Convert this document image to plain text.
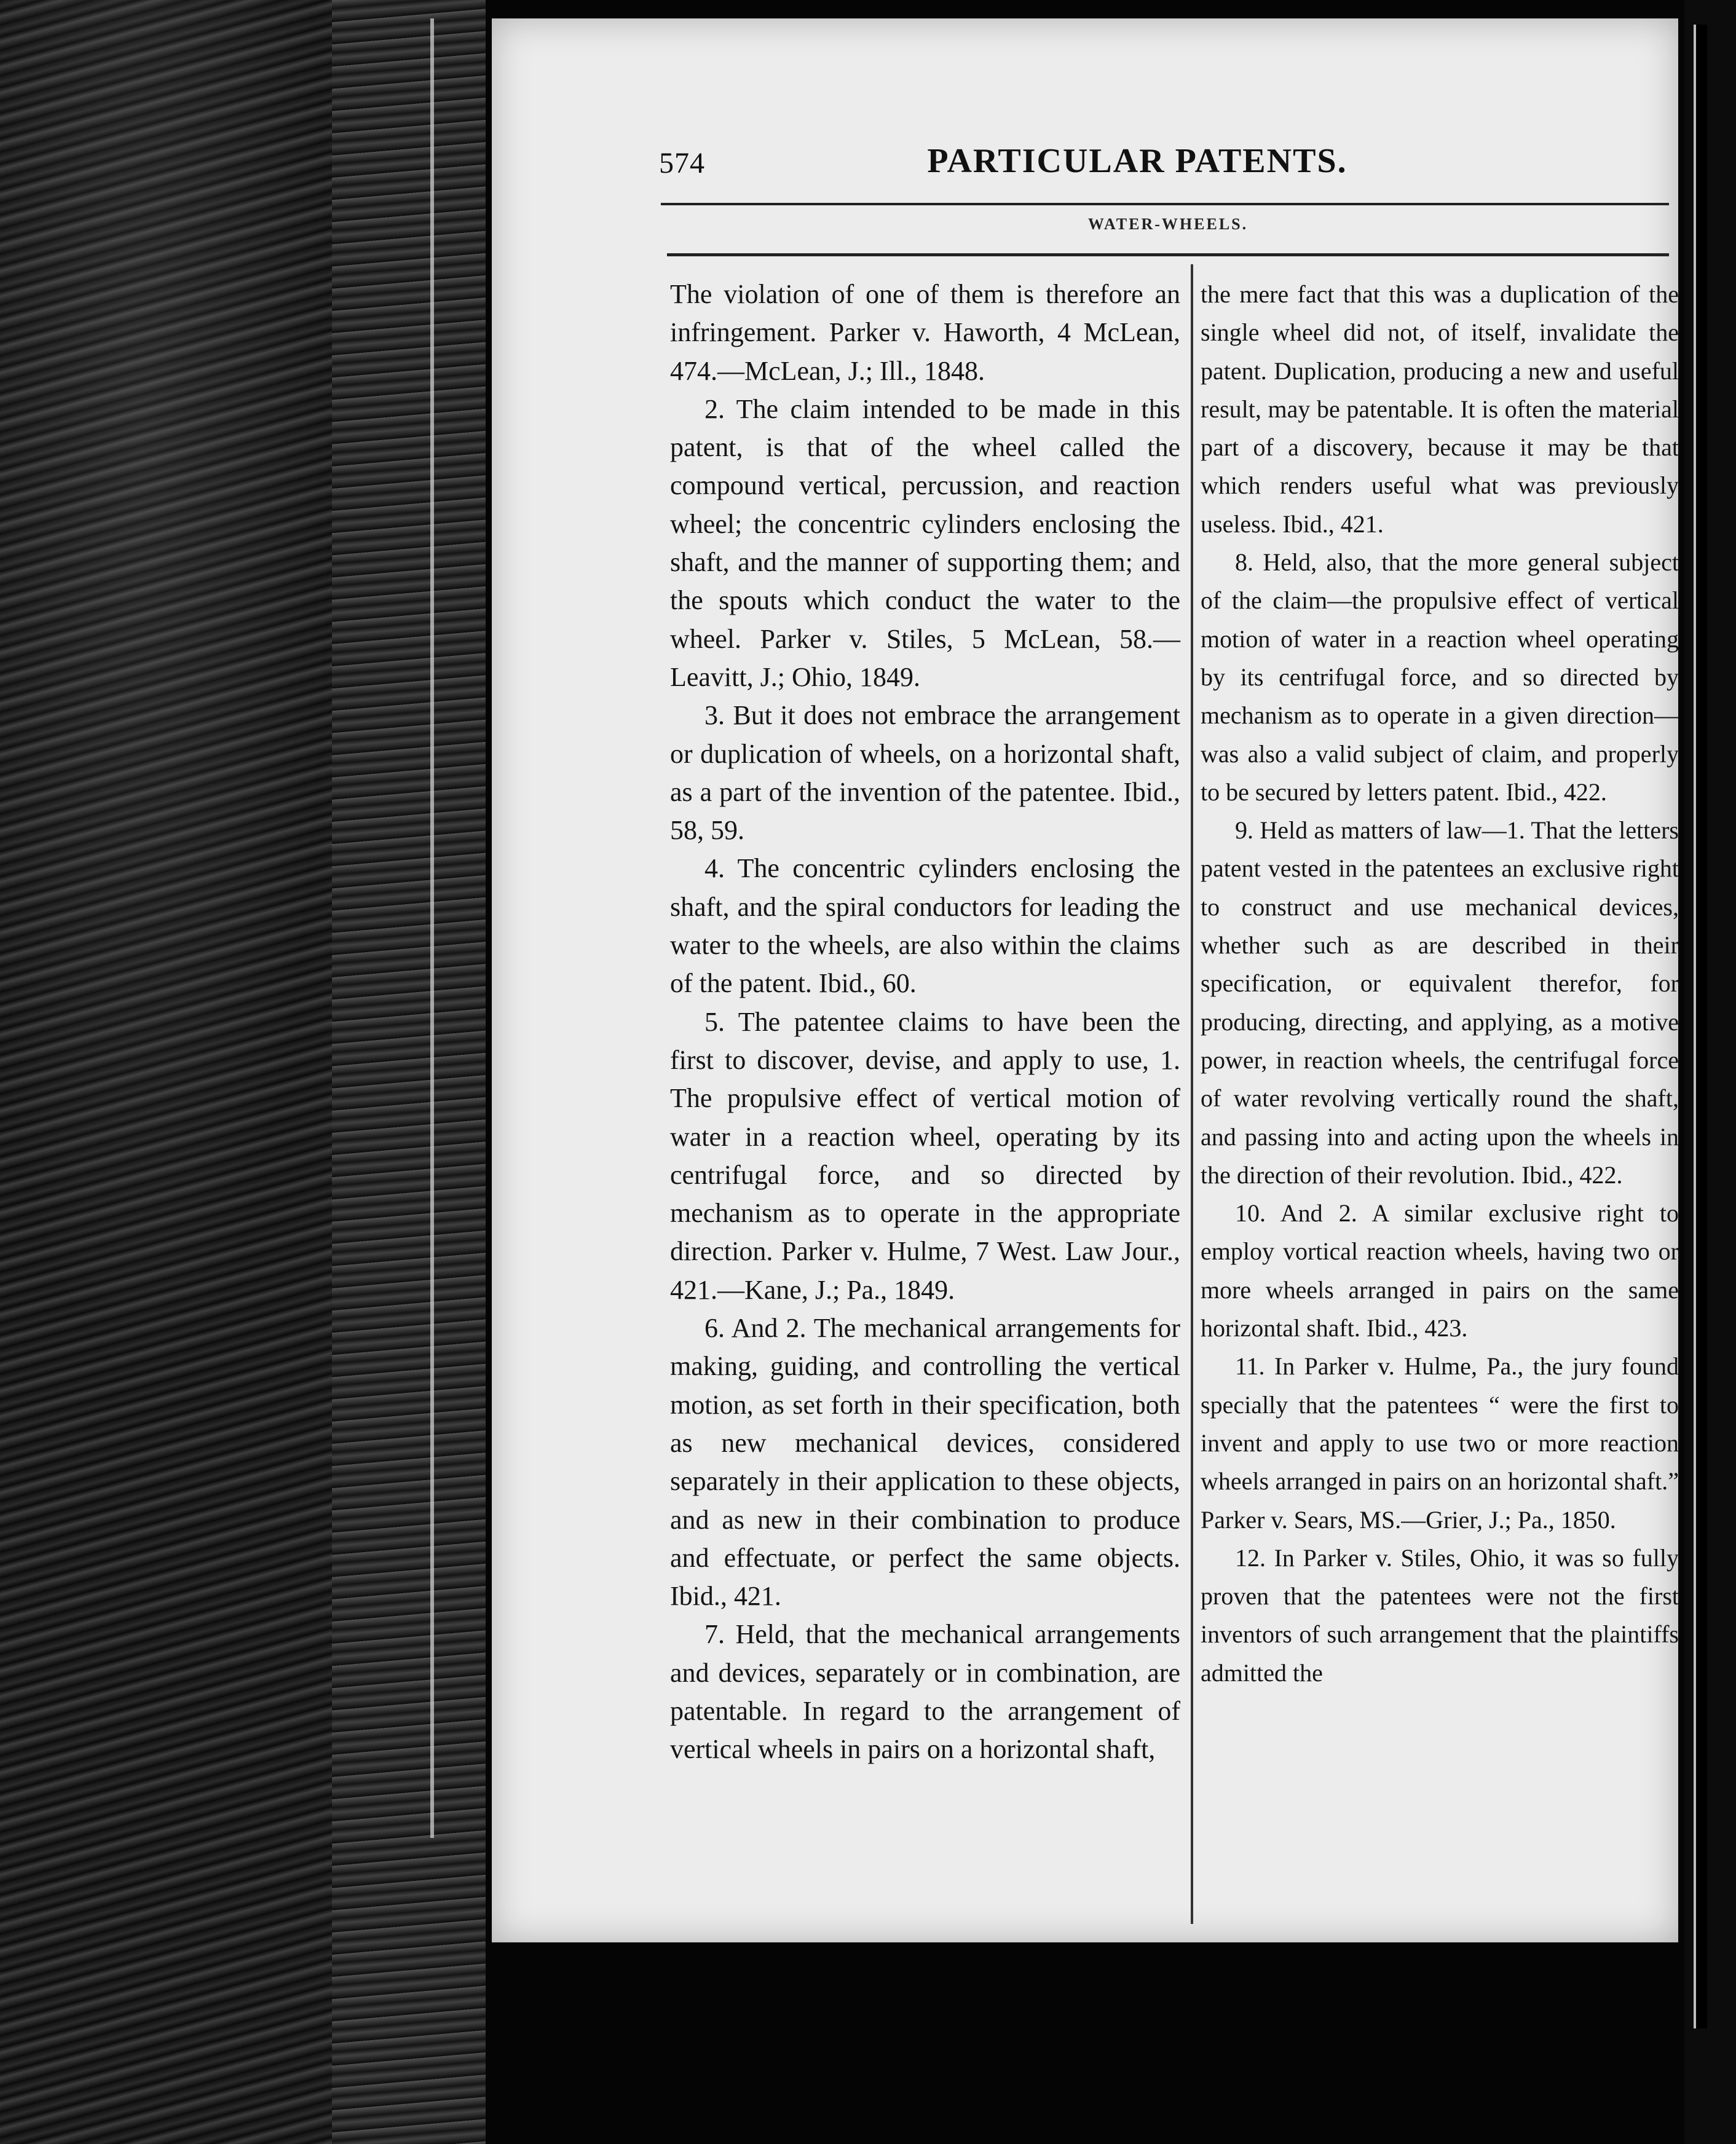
574	PARTICULAR PATENTS.
WATER-WHEELS.

The violation of one of them is therefore an infringement. Parker v. Haworth, 4 McLean, 474.—McLean, J.; Ill., 1848.

2. The claim intended to be made in this patent, is that of the wheel called the compound vertical, percussion, and reaction wheel; the concentric cylinders enclosing the shaft, and the manner of supporting them; and the spouts which conduct the water to the wheel. Parker v. Stiles, 5 McLean, 58.—Leavitt, J.; Ohio, 1849.

3. But it does not embrace the arrangement or duplication of wheels, on a horizontal shaft, as a part of the invention of the patentee. Ibid., 58, 59.

4. The concentric cylinders enclosing the shaft, and the spiral conductors for leading the water to the wheels, are also within the claims of the patent. Ibid., 60.

5. The patentee claims to have been the first to discover, devise, and apply to use, 1. The propulsive effect of vertical motion of water in a reaction wheel, operating by its centrifugal force, and so directed by mechanism as to operate in the appropriate direction. Parker v. Hulme, 7 West. Law Jour., 421.—Kane, J.; Pa., 1849.

6. And 2. The mechanical arrangements for making, guiding, and controlling the vertical motion, as set forth in their specification, both as new mechanical devices, considered separately in their application to these objects, and as new in their combination to produce and effectuate, or perfect the same objects. Ibid., 421.

7. Held, that the mechanical arrangements and devices, separately or in combination, are patentable. In regard to the arrangement of vertical wheels in pairs on a horizontal shaft,

the mere fact that this was a duplication of the single wheel did not, of itself, invalidate the patent. Duplication, producing a new and useful result, may be patentable. It is often the material part of a discovery, because it may be that which renders useful what was previously useless. Ibid., 421.

8. Held, also, that the more general subject of the claim—the propulsive effect of vertical motion of water in a reaction wheel operating by its centrifugal force, and so directed by mechanism as to operate in a given direction—was also a valid subject of claim, and properly to be secured by letters patent. Ibid., 422.

9. Held as matters of law—1. That the letters patent vested in the patentees an exclusive right to construct and use mechanical devices, whether such as are described in their specification, or equivalent therefor, for producing, directing, and applying, as a motive power, in reaction wheels, the centrifugal force of water revolving vertically round the shaft, and passing into and acting upon the wheels in the direction of their revolution. Ibid., 422.

10. And 2. A similar exclusive right to employ vortical reaction wheels, having two or more wheels arranged in pairs on the same horizontal shaft. Ibid., 423.

11. In Parker v. Hulme, Pa., the jury found specially that the patentees “ were the first to invent and apply to use two or more reaction wheels arranged in pairs on an horizontal shaft.” Parker v. Sears, MS.—Grier, J.; Pa., 1850.

12. In Parker v. Stiles, Ohio, it was so fully proven that the patentees were not the first inventors of such arrangement that the plaintiffs admitted the
